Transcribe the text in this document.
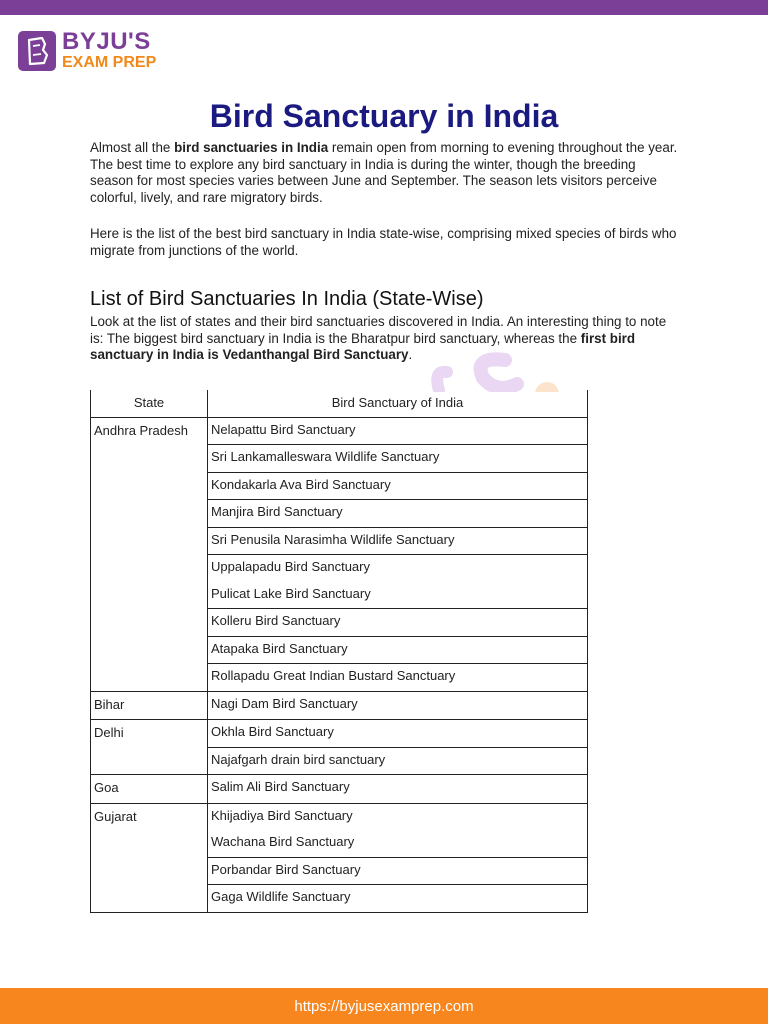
BYJU'S
EXAM PREP
Bird Sanctuary in India

Almost all the bird sanctuaries in India remain open from morning to evening throughout the year. The best time to explore any bird sanctuary in India is during the winter, though the breeding season for most species varies between June and September. The season lets visitors perceive colorful, lively, and rare migratory birds.

Here is the list of the best bird sanctuary in India state-wise, comprising mixed species of birds who migrate from junctions of the world.

List of Bird Sanctuaries In India (State-Wise)

Look at the list of states and their bird sanctuaries discovered in India. An interesting thing to note is: The biggest bird sanctuary in India is the Bharatpur bird sanctuary, whereas the first bird sanctuary in India is Vedanthangal Bird Sanctuary.

State	Bird Sanctuary of India
Andhra Pradesh	Nelapattu Bird Sanctuary
	Sri Lankamalleswara Wildlife Sanctuary
	Kondakarla Ava Bird Sanctuary
	Manjira Bird Sanctuary
	Sri Penusila Narasimha Wildlife Sanctuary
	Uppalapadu Bird Sanctuary
	Pulicat Lake Bird Sanctuary
	Kolleru Bird Sanctuary
	Atapaka Bird Sanctuary
	Rollapadu Great Indian Bustard Sanctuary
Bihar	Nagi Dam Bird Sanctuary
Delhi	Okhla Bird Sanctuary
	Najafgarh drain bird sanctuary
Goa	Salim Ali Bird Sanctuary
Gujarat	Khijadiya Bird Sanctuary
	Wachana Bird Sanctuary
	Porbandar Bird Sanctuary
	Gaga Wildlife Sanctuary
https://byjusexamprep.com
